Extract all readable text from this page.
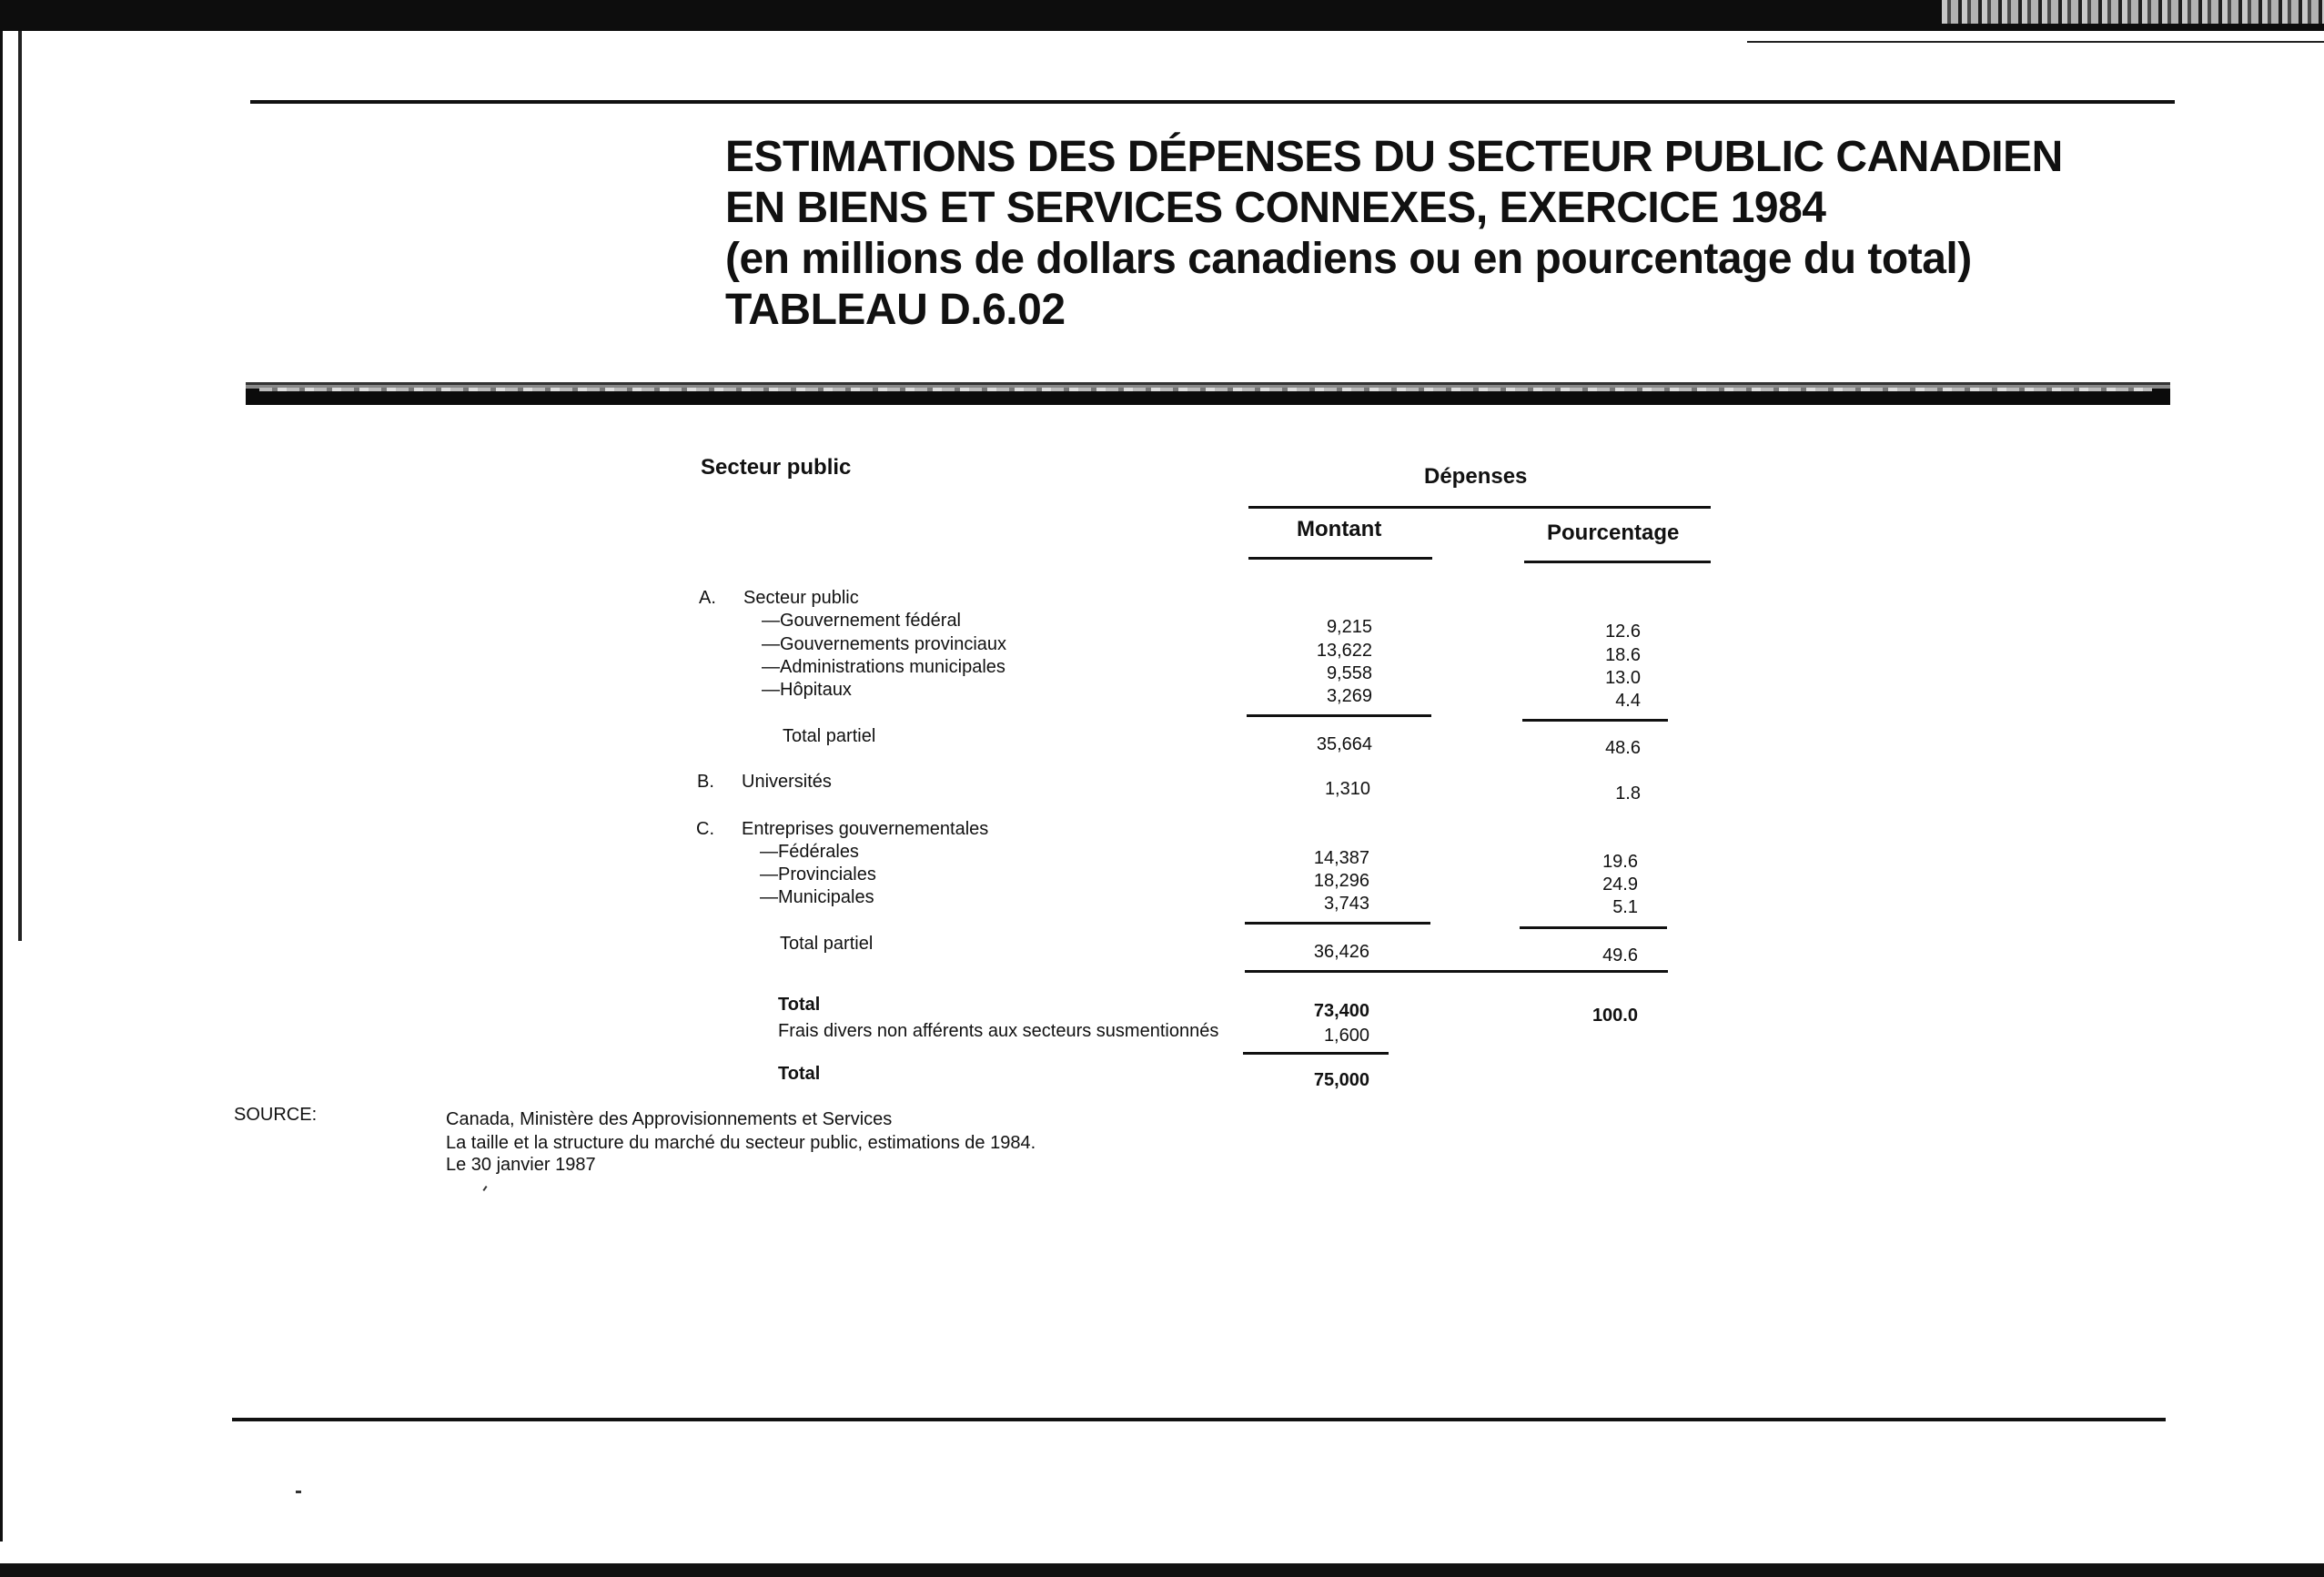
ESTIMATIONS DES DÉPENSES DU SECTEUR PUBLIC CANADIEN
EN BIENS ET SERVICES CONNEXES, EXERCICE 1984
(en millions de dollars canadiens ou en pourcentage du total)
TABLEAU D.6.02
Secteur public	Dépenses
Montant	Pourcentage
A. Secteur public
—Gouvernement fédéral	9,215	12.6
—Gouvernements provinciaux	13,622	18.6
—Administrations municipales	9,558	13.0
—Hôpitaux	3,269	4.4
Total partiel	35,664	48.6
B. Universités	1,310	1.8
C. Entreprises gouvernementales
—Fédérales	14,387	19.6
—Provinciales	18,296	24.9
—Municipales	3,743	5.1
Total partiel	36,426	49.6
Total	73,400	100.0
Frais divers non afférents aux secteurs susmentionnés	1,600
Total	75,000
SOURCE:	Canada, Ministère des Approvisionnements et Services
La taille et la structure du marché du secteur public, estimations de 1984.
Le 30 janvier 1987
